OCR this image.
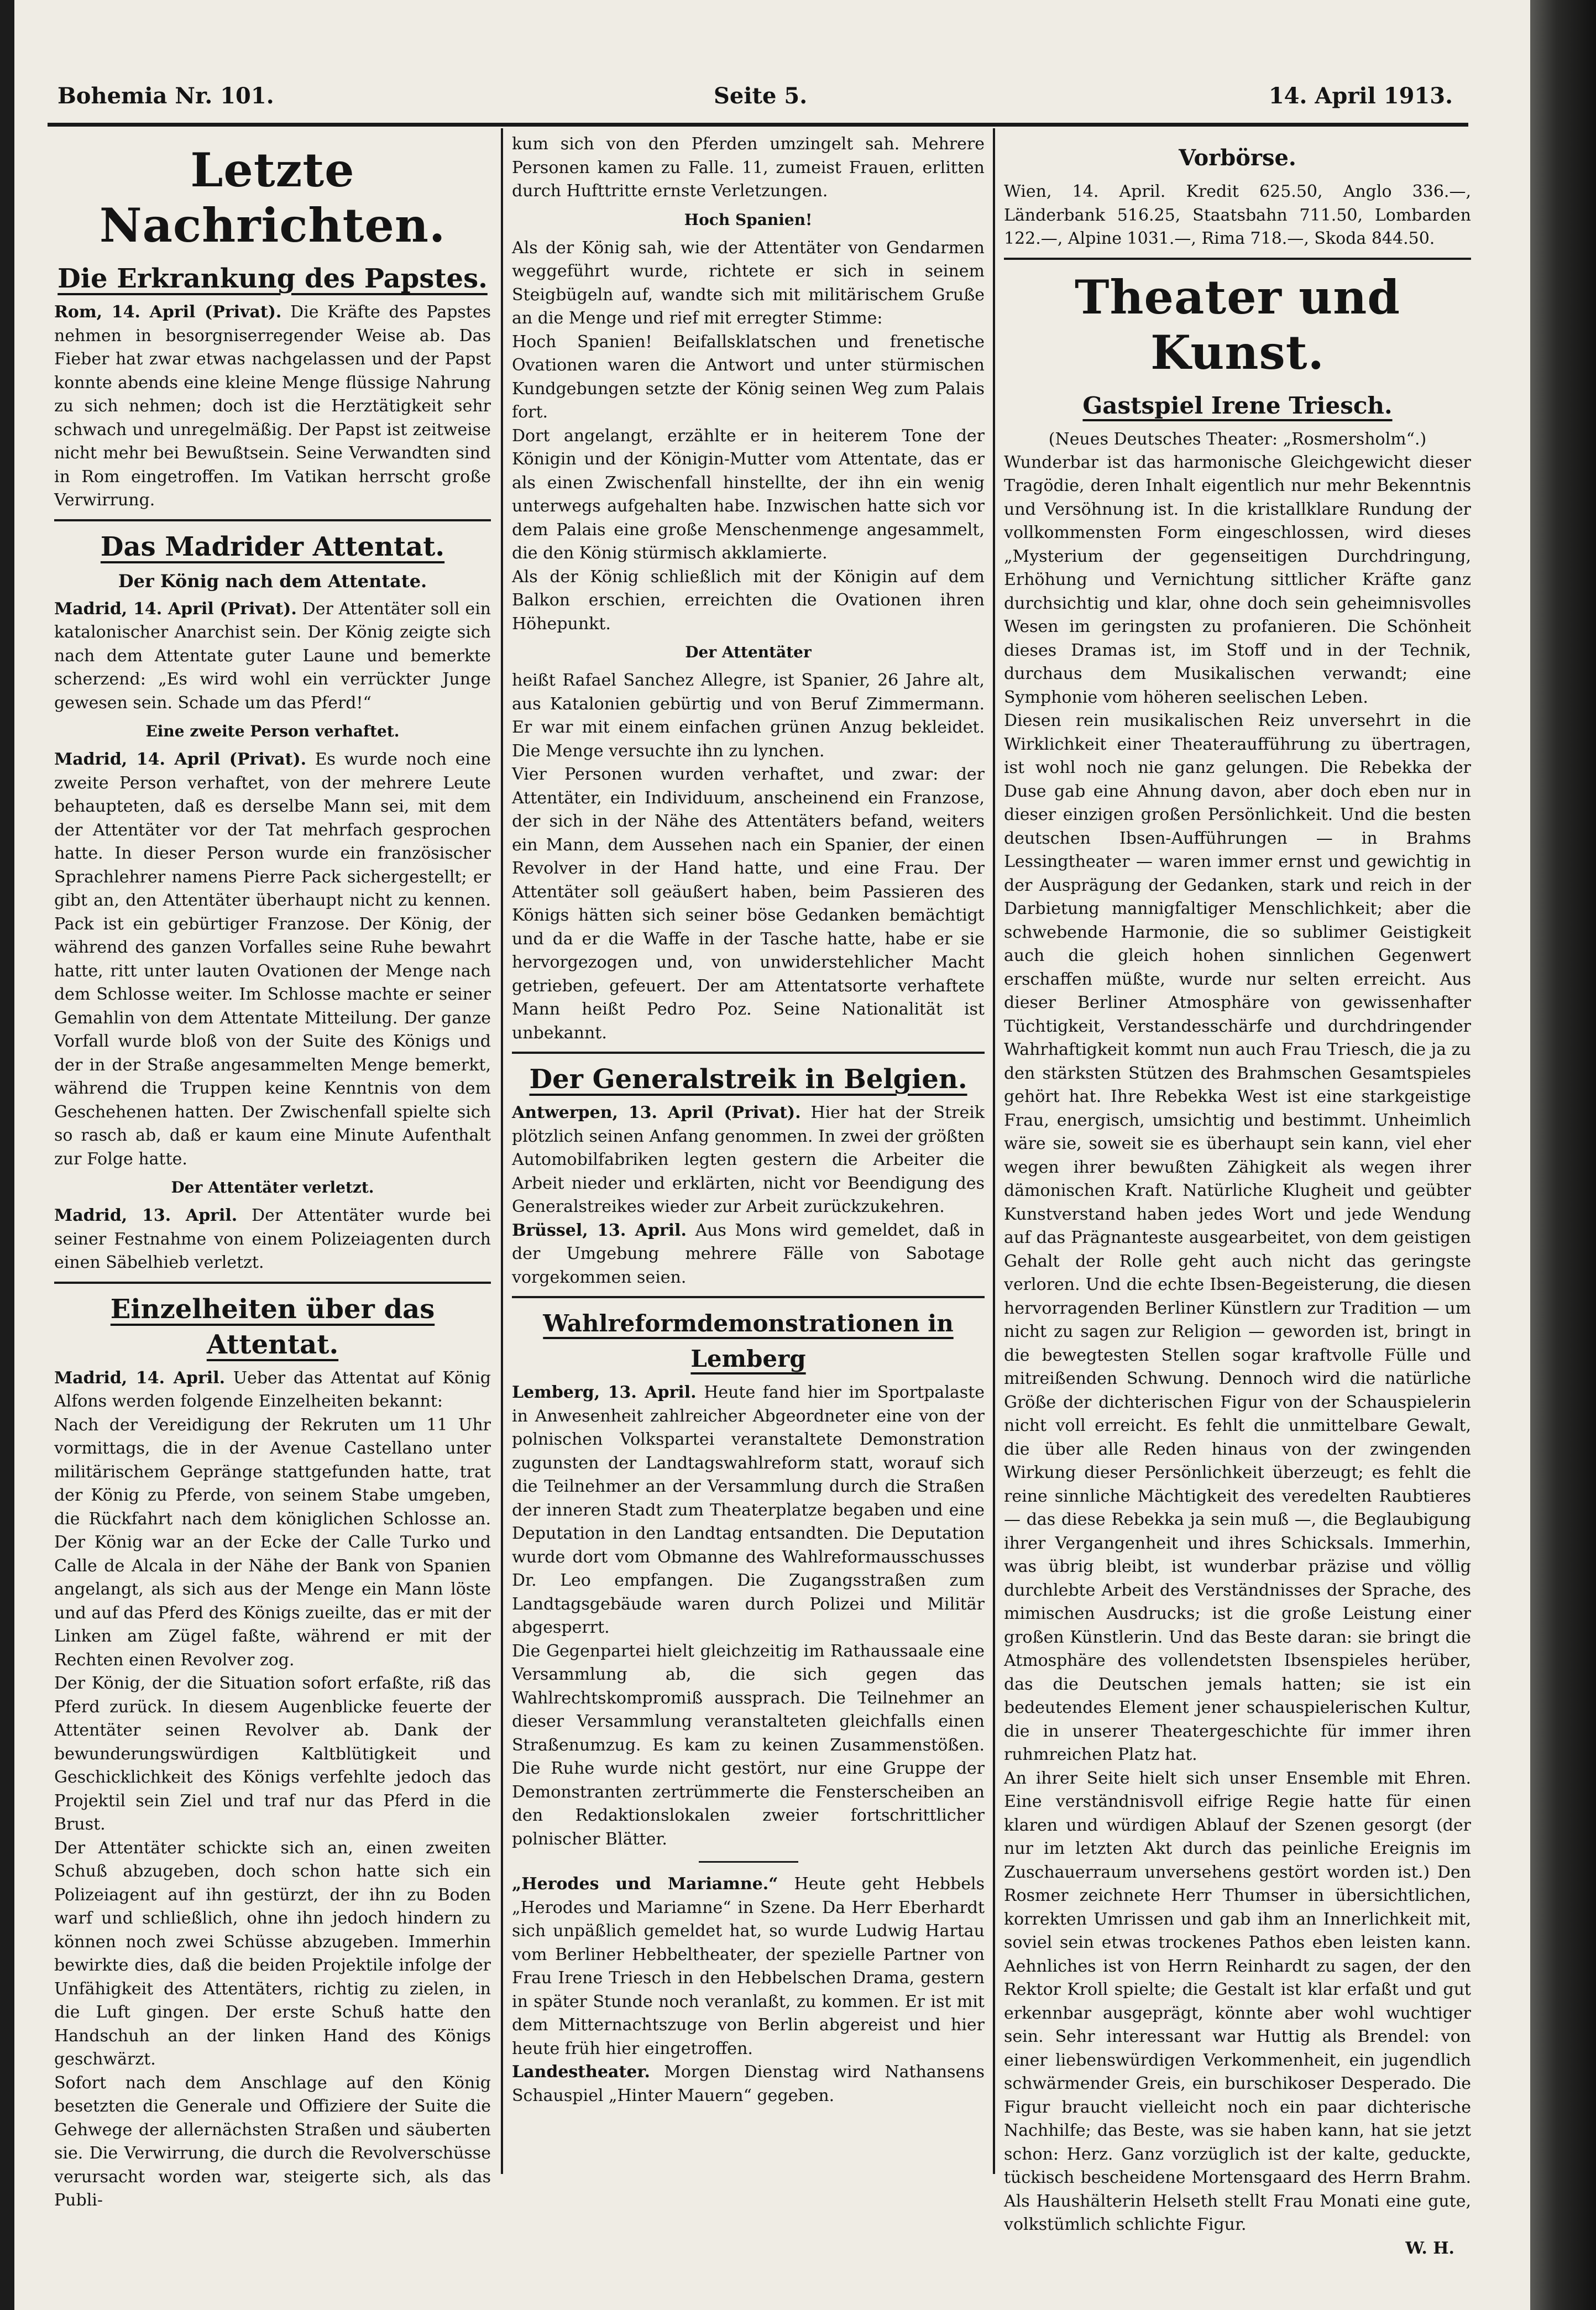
Bohemia Nr. 101.	Seite 5.	14. April 1913.
Letzte Nachrichten.
Die Erkrankung des Papstes.

Rom, 14. April (Privat). Die Kräfte des Papstes nehmen in besorgniserregender Weise ab. Das Fieber hat zwar etwas nachgelassen und der Papst konnte abends eine kleine Menge flüssige Nahrung zu sich nehmen; doch ist die Herztätigkeit sehr schwach und unregelmäßig. Der Papst ist zeitweise nicht mehr bei Bewußtsein. Seine Verwandten sind in Rom eingetroffen. Im Vatikan herrscht große Verwirrung.

Das Madrider Attentat.
Der König nach dem Attentate.

Madrid, 14. April (Privat). Der Attentäter soll ein katalonischer Anarchist sein. Der König zeigte sich nach dem Attentate guter Laune und bemerkte scherzend: „Es wird wohl ein verrückter Junge gewesen sein. Schade um das Pferd!“

Eine zweite Person verhaftet.

Madrid, 14. April (Privat). Es wurde noch eine zweite Person verhaftet, von der mehrere Leute behaupteten, daß es derselbe Mann sei, mit dem der Attentäter vor der Tat mehrfach gesprochen hatte. In dieser Person wurde ein französischer Sprachlehrer namens Pierre Pack sichergestellt; er gibt an, den Attentäter überhaupt nicht zu kennen. Pack ist ein gebürtiger Franzose. Der König, der während des ganzen Vorfalles seine Ruhe bewahrt hatte, ritt unter lauten Ovationen der Menge nach dem Schlosse weiter. Im Schlosse machte er seiner Gemahlin von dem Attentate Mitteilung. Der ganze Vorfall wurde bloß von der Suite des Königs und der in der Straße angesammelten Menge bemerkt, während die Truppen keine Kenntnis von dem Geschehenen hatten. Der Zwischenfall spielte sich so rasch ab, daß er kaum eine Minute Aufenthalt zur Folge hatte.

Der Attentäter verletzt.

Madrid, 13. April. Der Attentäter wurde bei seiner Festnahme von einem Polizeiagenten durch einen Säbelhieb verletzt.

Einzelheiten über das Attentat.

Madrid, 14. April. Ueber das Attentat auf König Alfons werden folgende Einzelheiten bekannt:

Nach der Vereidigung der Rekruten um 11 Uhr vormittags, die in der Avenue Castellano unter militärischem Gepränge stattgefunden hatte, trat der König zu Pferde, von seinem Stabe umgeben, die Rückfahrt nach dem königlichen Schlosse an. Der König war an der Ecke der Calle Turko und Calle de Alcala in der Nähe der Bank von Spanien angelangt, als sich aus der Menge ein Mann löste und auf das Pferd des Königs zueilte, das er mit der Linken am Zügel faßte, während er mit der Rechten einen Revolver zog.

Der König, der die Situation sofort erfaßte, riß das Pferd zurück. In diesem Augenblicke feuerte der Attentäter seinen Revolver ab. Dank der bewunderungswürdigen Kaltblütigkeit und Geschicklichkeit des Königs verfehlte jedoch das Projektil sein Ziel und traf nur das Pferd in die Brust.

Der Attentäter schickte sich an, einen zweiten Schuß abzugeben, doch schon hatte sich ein Polizeiagent auf ihn gestürzt, der ihn zu Boden warf und schließlich, ohne ihn jedoch hindern zu können noch zwei Schüsse abzugeben. Immerhin bewirkte dies, daß die beiden Projektile infolge der Unfähigkeit des Attentäters, richtig zu zielen, in die Luft gingen. Der erste Schuß hatte den Handschuh an der linken Hand des Königs geschwärzt.

Sofort nach dem Anschlage auf den König besetzten die Generale und Offiziere der Suite die Gehwege der allernächsten Straßen und säuberten sie. Die Verwirrung, die durch die Revolverschüsse verursacht worden war, steigerte sich, als das Publi-

kum sich von den Pferden umzingelt sah. Mehrere Personen kamen zu Falle. 11, zumeist Frauen, erlitten durch Hufttritte ernste Verletzungen.

Hoch Spanien!

Als der König sah, wie der Attentäter von Gendarmen weggeführt wurde, richtete er sich in seinem Steigbügeln auf, wandte sich mit militärischem Gruße an die Menge und rief mit erregter Stimme:

Hoch Spanien! Beifallsklatschen und frenetische Ovationen waren die Antwort und unter stürmischen Kundgebungen setzte der König seinen Weg zum Palais fort.

Dort angelangt, erzählte er in heiterem Tone der Königin und der Königin-Mutter vom Attentate, das er als einen Zwischenfall hinstellte, der ihn ein wenig unterwegs aufgehalten habe. Inzwischen hatte sich vor dem Palais eine große Menschenmenge angesammelt, die den König stürmisch akklamierte.

Als der König schließlich mit der Königin auf dem Balkon erschien, erreichten die Ovationen ihren Höhepunkt.

Der Attentäter

heißt Rafael Sanchez Allegre, ist Spanier, 26 Jahre alt, aus Katalonien gebürtig und von Beruf Zimmermann. Er war mit einem einfachen grünen Anzug bekleidet. Die Menge versuchte ihn zu lynchen.

Vier Personen wurden verhaftet, und zwar: der Attentäter, ein Individuum, anscheinend ein Franzose, der sich in der Nähe des Attentäters befand, weiters ein Mann, dem Aussehen nach ein Spanier, der einen Revolver in der Hand hatte, und eine Frau. Der Attentäter soll geäußert haben, beim Passieren des Königs hätten sich seiner böse Gedanken bemächtigt und da er die Waffe in der Tasche hatte, habe er sie hervorgezogen und, von unwiderstehlicher Macht getrieben, gefeuert. Der am Attentatsorte verhaftete Mann heißt Pedro Poz. Seine Nationalität ist unbekannt.

Der Generalstreik in Belgien.

Antwerpen, 13. April (Privat). Hier hat der Streik plötzlich seinen Anfang genommen. In zwei der größten Automobilfabriken legten gestern die Arbeiter die Arbeit nieder und erklärten, nicht vor Beendigung des Generalstreikes wieder zur Arbeit zurückzukehren.

Brüssel, 13. April. Aus Mons wird gemeldet, daß in der Umgebung mehrere Fälle von Sabotage vorgekommen seien.

Wahlreformdemonstrationen in Lemberg

Lemberg, 13. April. Heute fand hier im Sportpalaste in Anwesenheit zahlreicher Abgeordneter eine von der polnischen Volkspartei veranstaltete Demonstration zugunsten der Landtagswahlreform statt, worauf sich die Teilnehmer an der Versammlung durch die Straßen der inneren Stadt zum Theaterplatze begaben und eine Deputation in den Landtag entsandten. Die Deputation wurde dort vom Obmanne des Wahlreformausschusses Dr. Leo empfangen. Die Zugangsstraßen zum Landtagsgebäude waren durch Polizei und Militär abgesperrt.

Die Gegenpartei hielt gleichzeitig im Rathaussaale eine Versammlung ab, die sich gegen das Wahlrechtskompromiß aussprach. Die Teilnehmer an dieser Versammlung veranstalteten gleichfalls einen Straßenumzug. Es kam zu keinen Zusammenstößen. Die Ruhe wurde nicht gestört, nur eine Gruppe der Demonstranten zertrümmerte die Fensterscheiben an den Redaktionslokalen zweier fortschrittlicher polnischer Blätter.

„Herodes und Mariamne.“ Heute geht Hebbels „Herodes und Mariamne“ in Szene. Da Herr Eberhardt sich unpäßlich gemeldet hat, so wurde Ludwig Hartau vom Berliner Hebbeltheater, der spezielle Partner von Frau Irene Triesch in den Hebbelschen Drama, gestern in später Stunde noch veranlaßt, zu kommen. Er ist mit dem Mitternachtszuge von Berlin abgereist und hier heute früh hier eingetroffen.

Landestheater. Morgen Dienstag wird Nathansens Schauspiel „Hinter Mauern“ gegeben.

Vorbörse.

Wien, 14. April. Kredit 625.50, Anglo 336.—, Länderbank 516.25, Staatsbahn 711.50, Lombarden 122.—, Alpine 1031.—, Rima 718.—, Skoda 844.50.

Theater und Kunst.
Gastspiel Irene Triesch.
(Neues Deutsches Theater: „Rosmersholm“.)

Wunderbar ist das harmonische Gleichgewicht dieser Tragödie, deren Inhalt eigentlich nur mehr Bekenntnis und Versöhnung ist. In die kristallklare Rundung der vollkommensten Form eingeschlossen, wird dieses „Mysterium der gegenseitigen Durchdringung, Erhöhung und Vernichtung sittlicher Kräfte ganz durchsichtig und klar, ohne doch sein geheimnisvolles Wesen im geringsten zu profanieren. Die Schönheit dieses Dramas ist, im Stoff und in der Technik, durchaus dem Musikalischen verwandt; eine Symphonie vom höheren seelischen Leben.

Diesen rein musikalischen Reiz unversehrt in die Wirklichkeit einer Theateraufführung zu übertragen, ist wohl noch nie ganz gelungen. Die Rebekka der Duse gab eine Ahnung davon, aber doch eben nur in dieser einzigen großen Persönlichkeit. Und die besten deutschen Ibsen-Aufführungen — in Brahms Lessingtheater — waren immer ernst und gewichtig in der Ausprägung der Gedanken, stark und reich in der Darbietung mannigfaltiger Menschlichkeit; aber die schwebende Harmonie, die so sublimer Geistigkeit auch die gleich hohen sinnlichen Gegenwert erschaffen müßte, wurde nur selten erreicht. Aus dieser Berliner Atmosphäre von gewissenhafter Tüchtigkeit, Verstandesschärfe und durchdringender Wahrhaftigkeit kommt nun auch Frau Triesch, die ja zu den stärksten Stützen des Brahmschen Gesamtspieles gehört hat. Ihre Rebekka West ist eine starkgeistige Frau, energisch, umsichtig und bestimmt. Unheimlich wäre sie, soweit sie es überhaupt sein kann, viel eher wegen ihrer bewußten Zähigkeit als wegen ihrer dämonischen Kraft. Natürliche Klugheit und geübter Kunstverstand haben jedes Wort und jede Wendung auf das Prägnanteste ausgearbeitet, von dem geistigen Gehalt der Rolle geht auch nicht das geringste verloren. Und die echte Ibsen-Begeisterung, die diesen hervorragenden Berliner Künstlern zur Tradition — um nicht zu sagen zur Religion — geworden ist, bringt in die bewegtesten Stellen sogar kraftvolle Fülle und mitreißenden Schwung. Dennoch wird die natürliche Größe der dichterischen Figur von der Schauspielerin nicht voll erreicht. Es fehlt die unmittelbare Gewalt, die über alle Reden hinaus von der zwingenden Wirkung dieser Persönlichkeit überzeugt; es fehlt die reine sinnliche Mächtigkeit des veredelten Raubtieres — das diese Rebekka ja sein muß —, die Beglaubigung ihrer Vergangenheit und ihres Schicksals. Immerhin, was übrig bleibt, ist wunderbar präzise und völlig durchlebte Arbeit des Verständnisses der Sprache, des mimischen Ausdrucks; ist die große Leistung einer großen Künstlerin. Und das Beste daran: sie bringt die Atmosphäre des vollendetsten Ibsenspieles herüber, das die Deutschen jemals hatten; sie ist ein bedeutendes Element jener schauspielerischen Kultur, die in unserer Theatergeschichte für immer ihren ruhmreichen Platz hat.

An ihrer Seite hielt sich unser Ensemble mit Ehren. Eine verständnisvoll eifrige Regie hatte für einen klaren und würdigen Ablauf der Szenen gesorgt (der nur im letzten Akt durch das peinliche Ereignis im Zuschauerraum unversehens gestört worden ist.) Den Rosmer zeichnete Herr Thumser in übersichtlichen, korrekten Umrissen und gab ihm an Innerlichkeit mit, soviel sein etwas trockenes Pathos eben leisten kann. Aehnliches ist von Herrn Reinhardt zu sagen, der den Rektor Kroll spielte; die Gestalt ist klar erfaßt und gut erkennbar ausgeprägt, könnte aber wohl wuchtiger sein. Sehr interessant war Huttig als Brendel: von einer liebenswürdigen Verkommenheit, ein jugendlich schwärmender Greis, ein burschikoser Desperado. Die Figur braucht vielleicht noch ein paar dichterische Nachhilfe; das Beste, was sie haben kann, hat sie jetzt schon: Herz. Ganz vorzüglich ist der kalte, geduckte, tückisch bescheidene Mortensgaard des Herrn Brahm. Als Haushälterin Helseth stellt Frau Monati eine gute, volkstümlich schlichte Figur.

W. H.
